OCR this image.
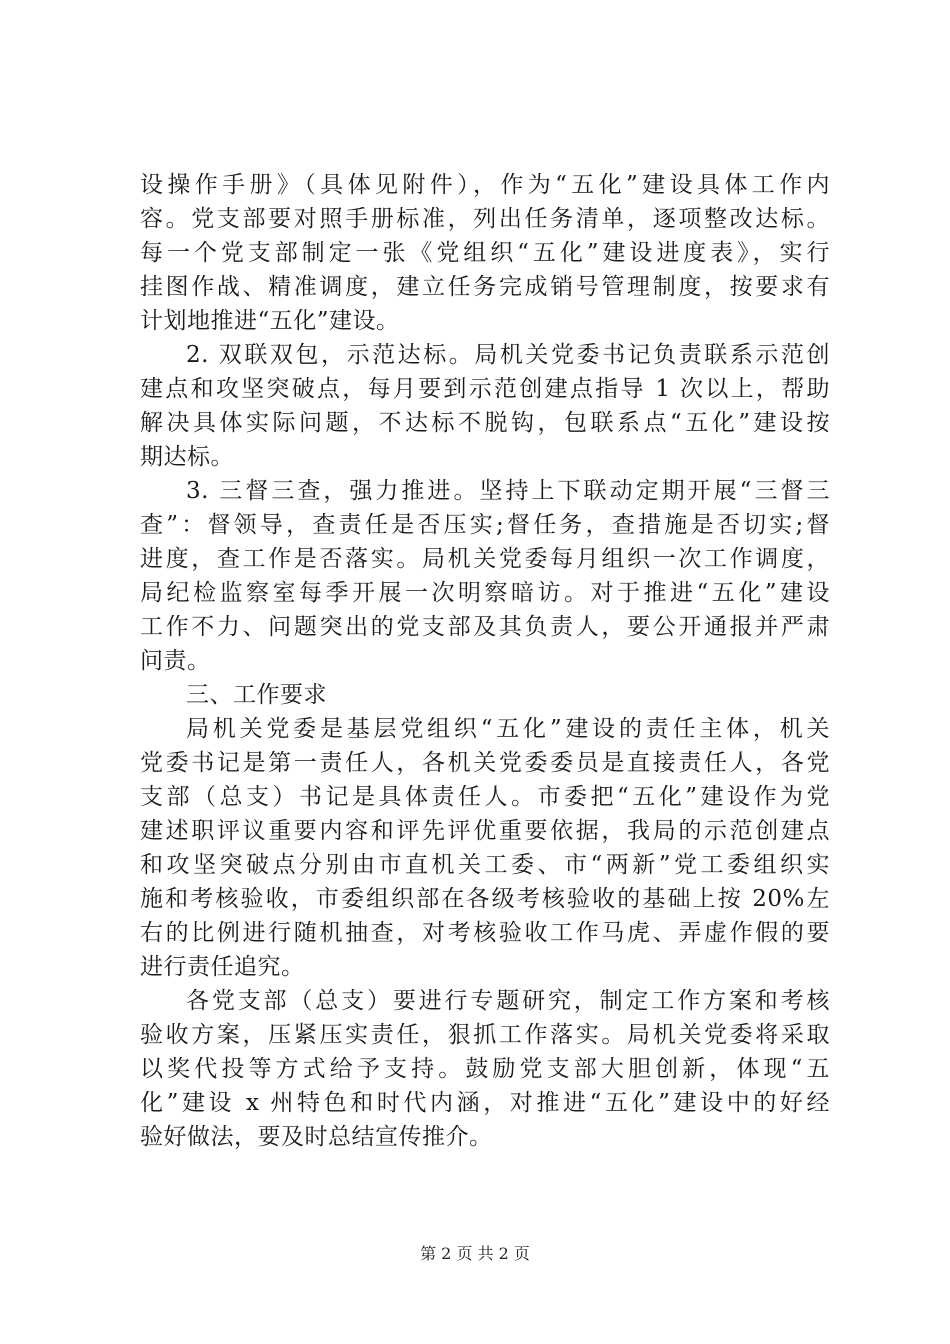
设操作手册》（具体见附件），作为“五化”建设具体工作内
容。党支部要对照手册标准，列出任务清单，逐项整改达标。
每一个党支部制定一张《党组织“五化”建设进度表》，实行
挂图作战、精准调度，建立任务完成销号管理制度，按要求有
计划地推进“五化”建设。
2. 双联双包，示范达标。局机关党委书记负责联系示范创
建点和攻坚突破点，每月要到示范创建点指导 1 次以上，帮助
解决具体实际问题，不达标不脱钩，包联系点“五化”建设按
期达标。
3. 三督三查，强力推进。坚持上下联动定期开展“三督三
查”：督领导，查责任是否压实;督任务，查措施是否切实;督
进度，查工作是否落实。局机关党委每月组织一次工作调度，
局纪检监察室每季开展一次明察暗访。对于推进“五化”建设
工作不力、问题突出的党支部及其负责人，要公开通报并严肃
问责。
三、工作要求
局机关党委是基层党组织“五化”建设的责任主体，机关
党委书记是第一责任人，各机关党委委员是直接责任人，各党
支部（总支）书记是具体责任人。市委把“五化”建设作为党
建述职评议重要内容和评先评优重要依据，我局的示范创建点
和攻坚突破点分别由市直机关工委、市“两新”党工委组织实
施和考核验收，市委组织部在各级考核验收的基础上按 20%左
右的比例进行随机抽查，对考核验收工作马虎、弄虚作假的要
进行责任追究。
各党支部（总支）要进行专题研究，制定工作方案和考核
验收方案，压紧压实责任，狠抓工作落实。局机关党委将采取
以奖代投等方式给予支持。鼓励党支部大胆创新，体现“五
化”建设 x 州特色和时代内涵，对推进“五化”建设中的好经
验好做法，要及时总结宣传推介。
第 2 页 共 2 页
